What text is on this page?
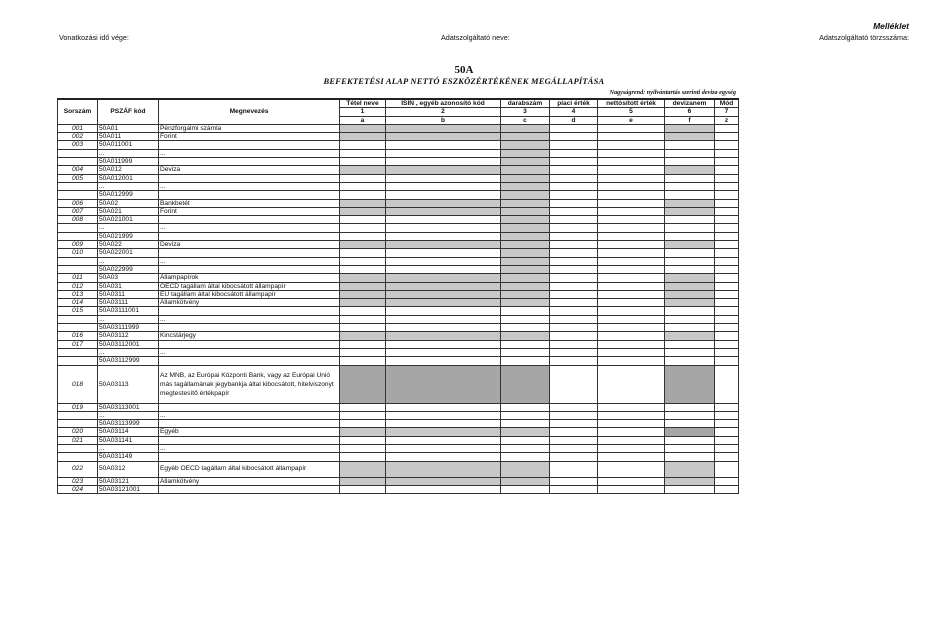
Melléklet
Vonatkozási idő vége:	Adatszolgáltató neve:	Adatszolgáltató törzsszáma:
50A
BEFEKTETÉSI ALAP NETTÓ ESZKÖZÉRTÉKÉNEK MEGÁLLAPÍTÁSA
Nagyságrend: nyilvántartás szerinti deviza egység
Sorszám	PSZÁF kód	Megnevezés	Tétel neve	ISIN , egyéb azonosító kód	darabszám	piaci érték	nettósított érték	devizanem	Mód
			1	2	3	4	5	6	7
			a	b	c	d	e	f	z
001	50A01	Pénzforgalmi számla							
002	50A011	Forint							
003	50A011001								
	...	...							
	50A011999								
004	50A012	Deviza							
005	50A012001								
	...	...							
	50A012999								
006	50A02	Bankbetét							
007	50A021	Forint							
008	50A021001								
	...	...							
	50A021999								
009	50A022	Deviza							
010	50A022001								
	...	...							
	50A022999								
011	50A03	Állampapírok							
012	50A031	OECD tagállam által kibocsátott állampapír							
013	50A0311	EU tagállam által kibocsátott állampapír							
014	50A03111	Államkötvény							
015	50A03111001								
	...	...							
	50A03111999								
016	50A03112	Kincstárjegy							
017	50A03112001								
	...	...							
	50A03112999								
018	50A03113	Az MNB, az Európai Központi Bank, vagy az Európai Unió más tagállamának jegybankja által kibocsátott, hitelviszonyt megtestesítő értékpapír							
019	50A03113001								
	...	...							
	50A03113999								
020	50A03114	Egyéb							
021	50A031141								
	...	...							
	50A031149								
022	50A0312	Egyéb OECD tagállam által kibocsátott állampapír							
023	50A03121	Államkötvény							
024	50A03121001								
